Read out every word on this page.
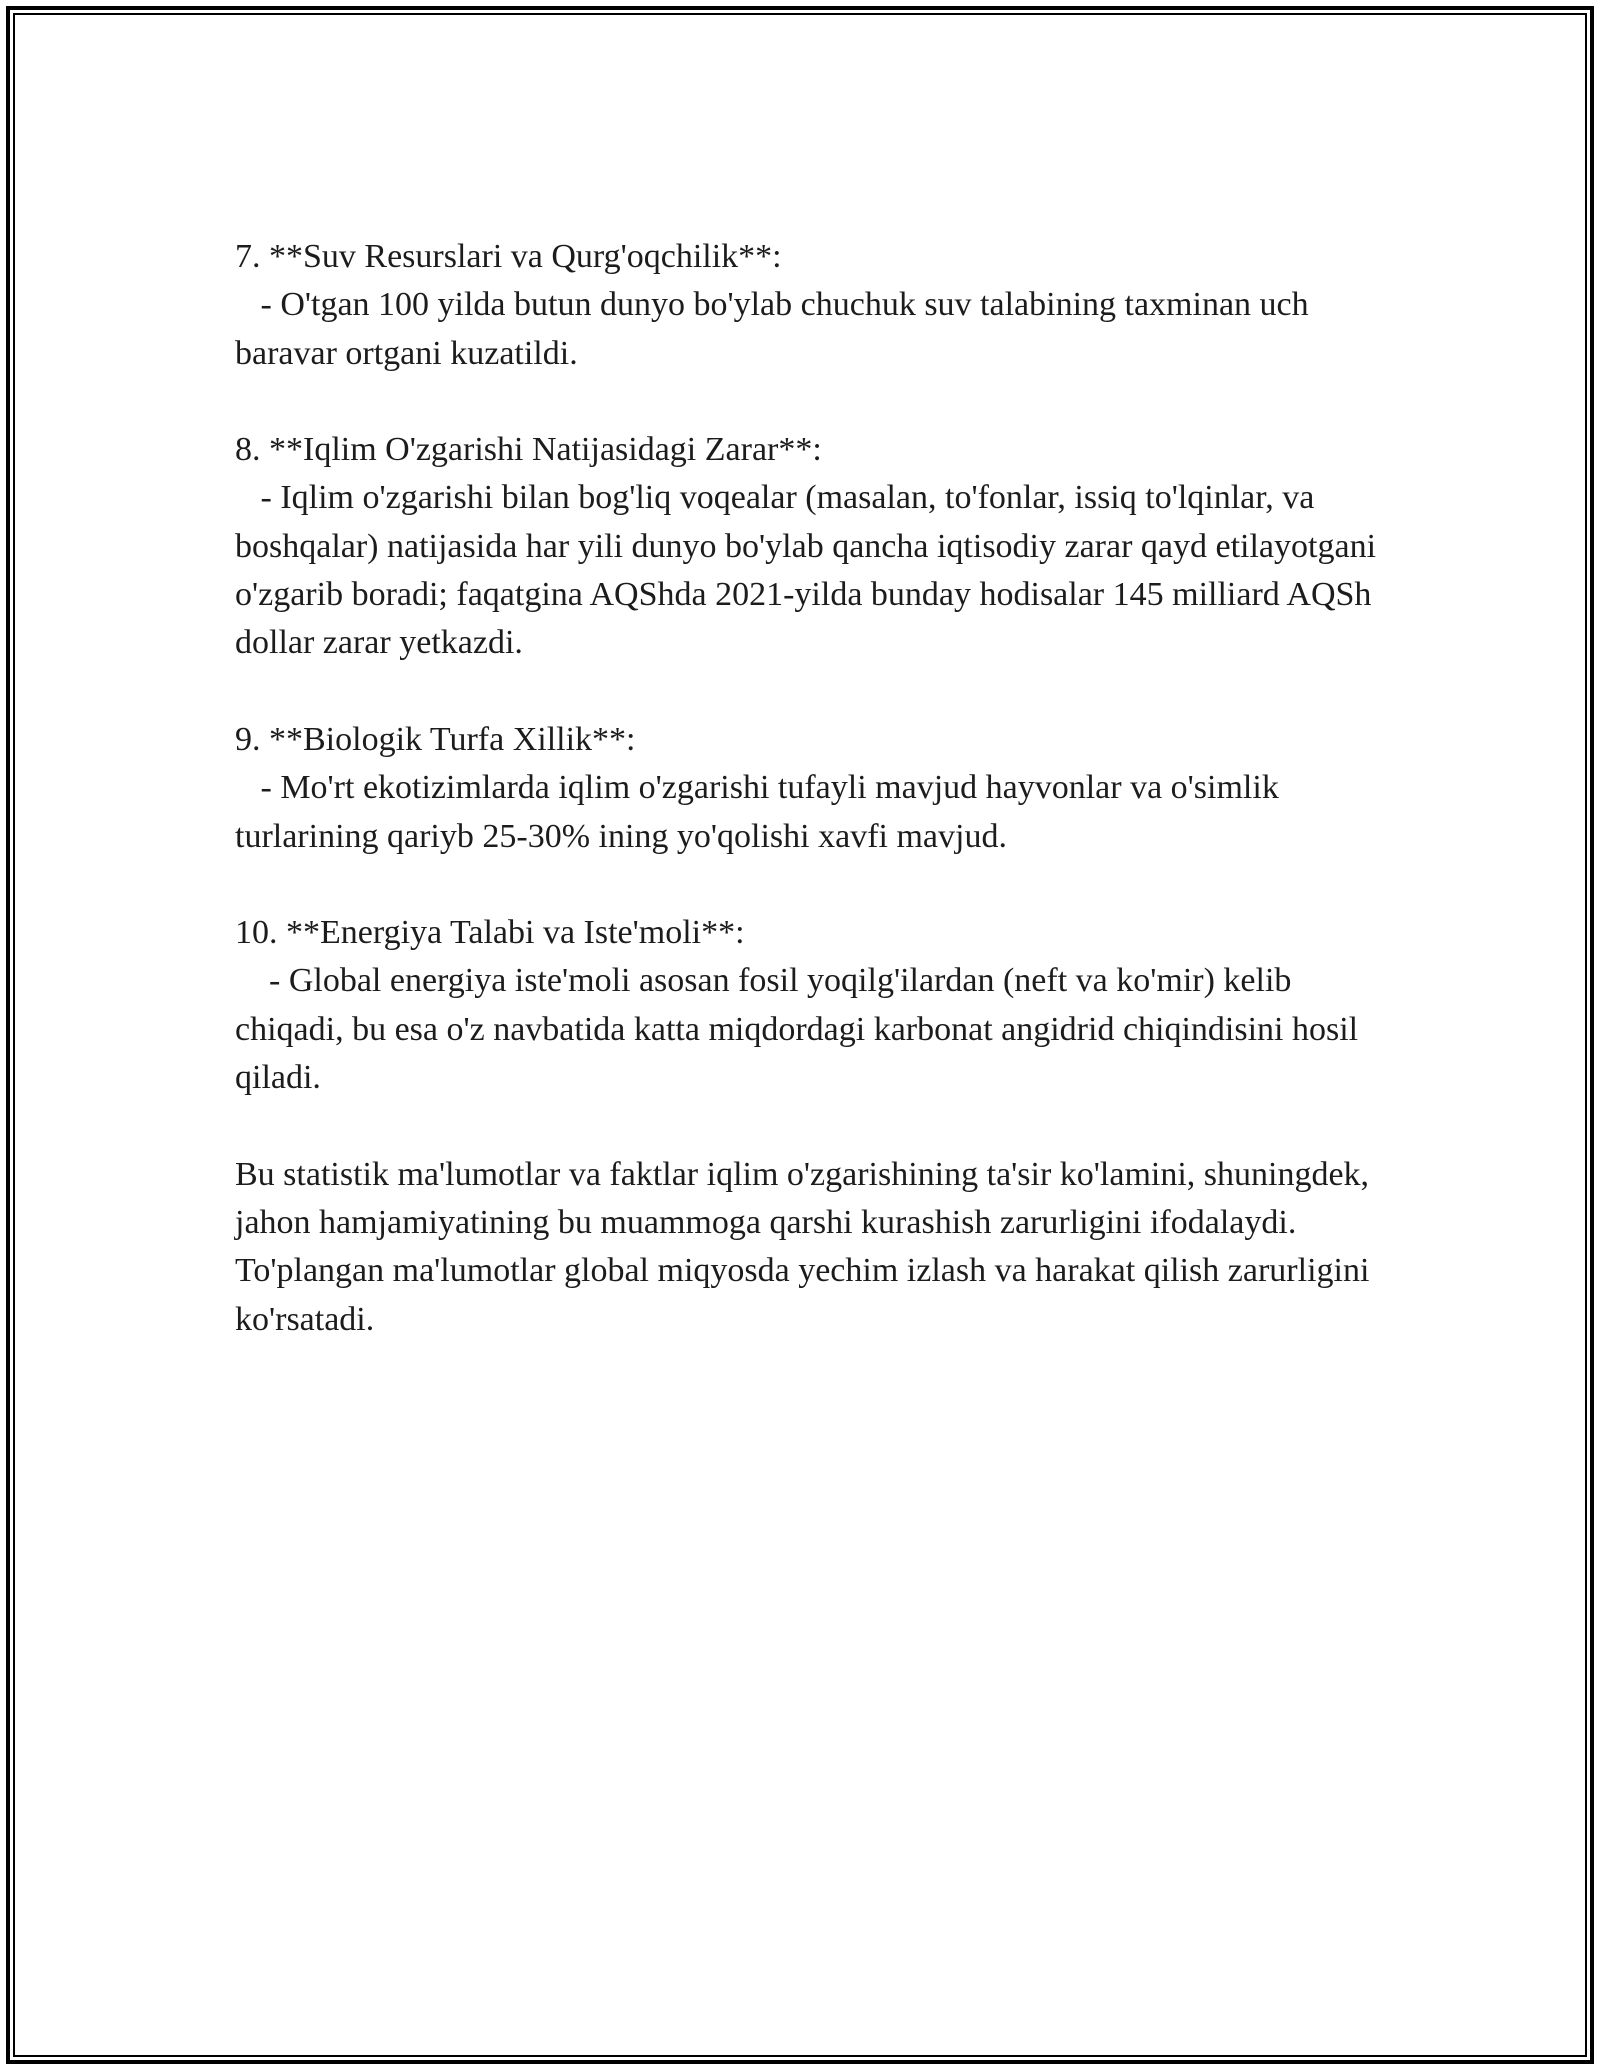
7. **Suv Resurslari va Qurg'oqchilik**:

- O'tgan 100 yilda butun dunyo bo'ylab chuchuk suv talabining taxminan uch baravar ortgani kuzatildi.

8. **Iqlim O'zgarishi Natijasidagi Zarar**:

- Iqlim o'zgarishi bilan bog'liq voqealar (masalan, to'fonlar, issiq to'lqinlar, va boshqalar) natijasida har yili dunyo bo'ylab qancha iqtisodiy zarar qayd etilayotgani o'zgarib boradi; faqatgina AQShda 2021-yilda bunday hodisalar 145 milliard AQSh dollar zarar yetkazdi.

9. **Biologik Turfa Xillik**:

- Mo'rt ekotizimlarda iqlim o'zgarishi tufayli mavjud hayvonlar va o'simlik turlarining qariyb 25-30% ining yo'qolishi xavfi mavjud.

10. **Energiya Talabi va Iste'moli**:

- Global energiya iste'moli asosan fosil yoqilg'ilardan (neft va ko'mir) kelib chiqadi, bu esa o'z navbatida katta miqdordagi karbonat angidrid chiqindisini hosil qiladi.

Bu statistik ma'lumotlar va faktlar iqlim o'zgarishining ta'sir ko'lamini, shuningdek, jahon hamjamiyatining bu muammoga qarshi kurashish zarurligini ifodalaydi. To'plangan ma'lumotlar global miqyosda yechim izlash va harakat qilish zarurligini ko'rsatadi.
